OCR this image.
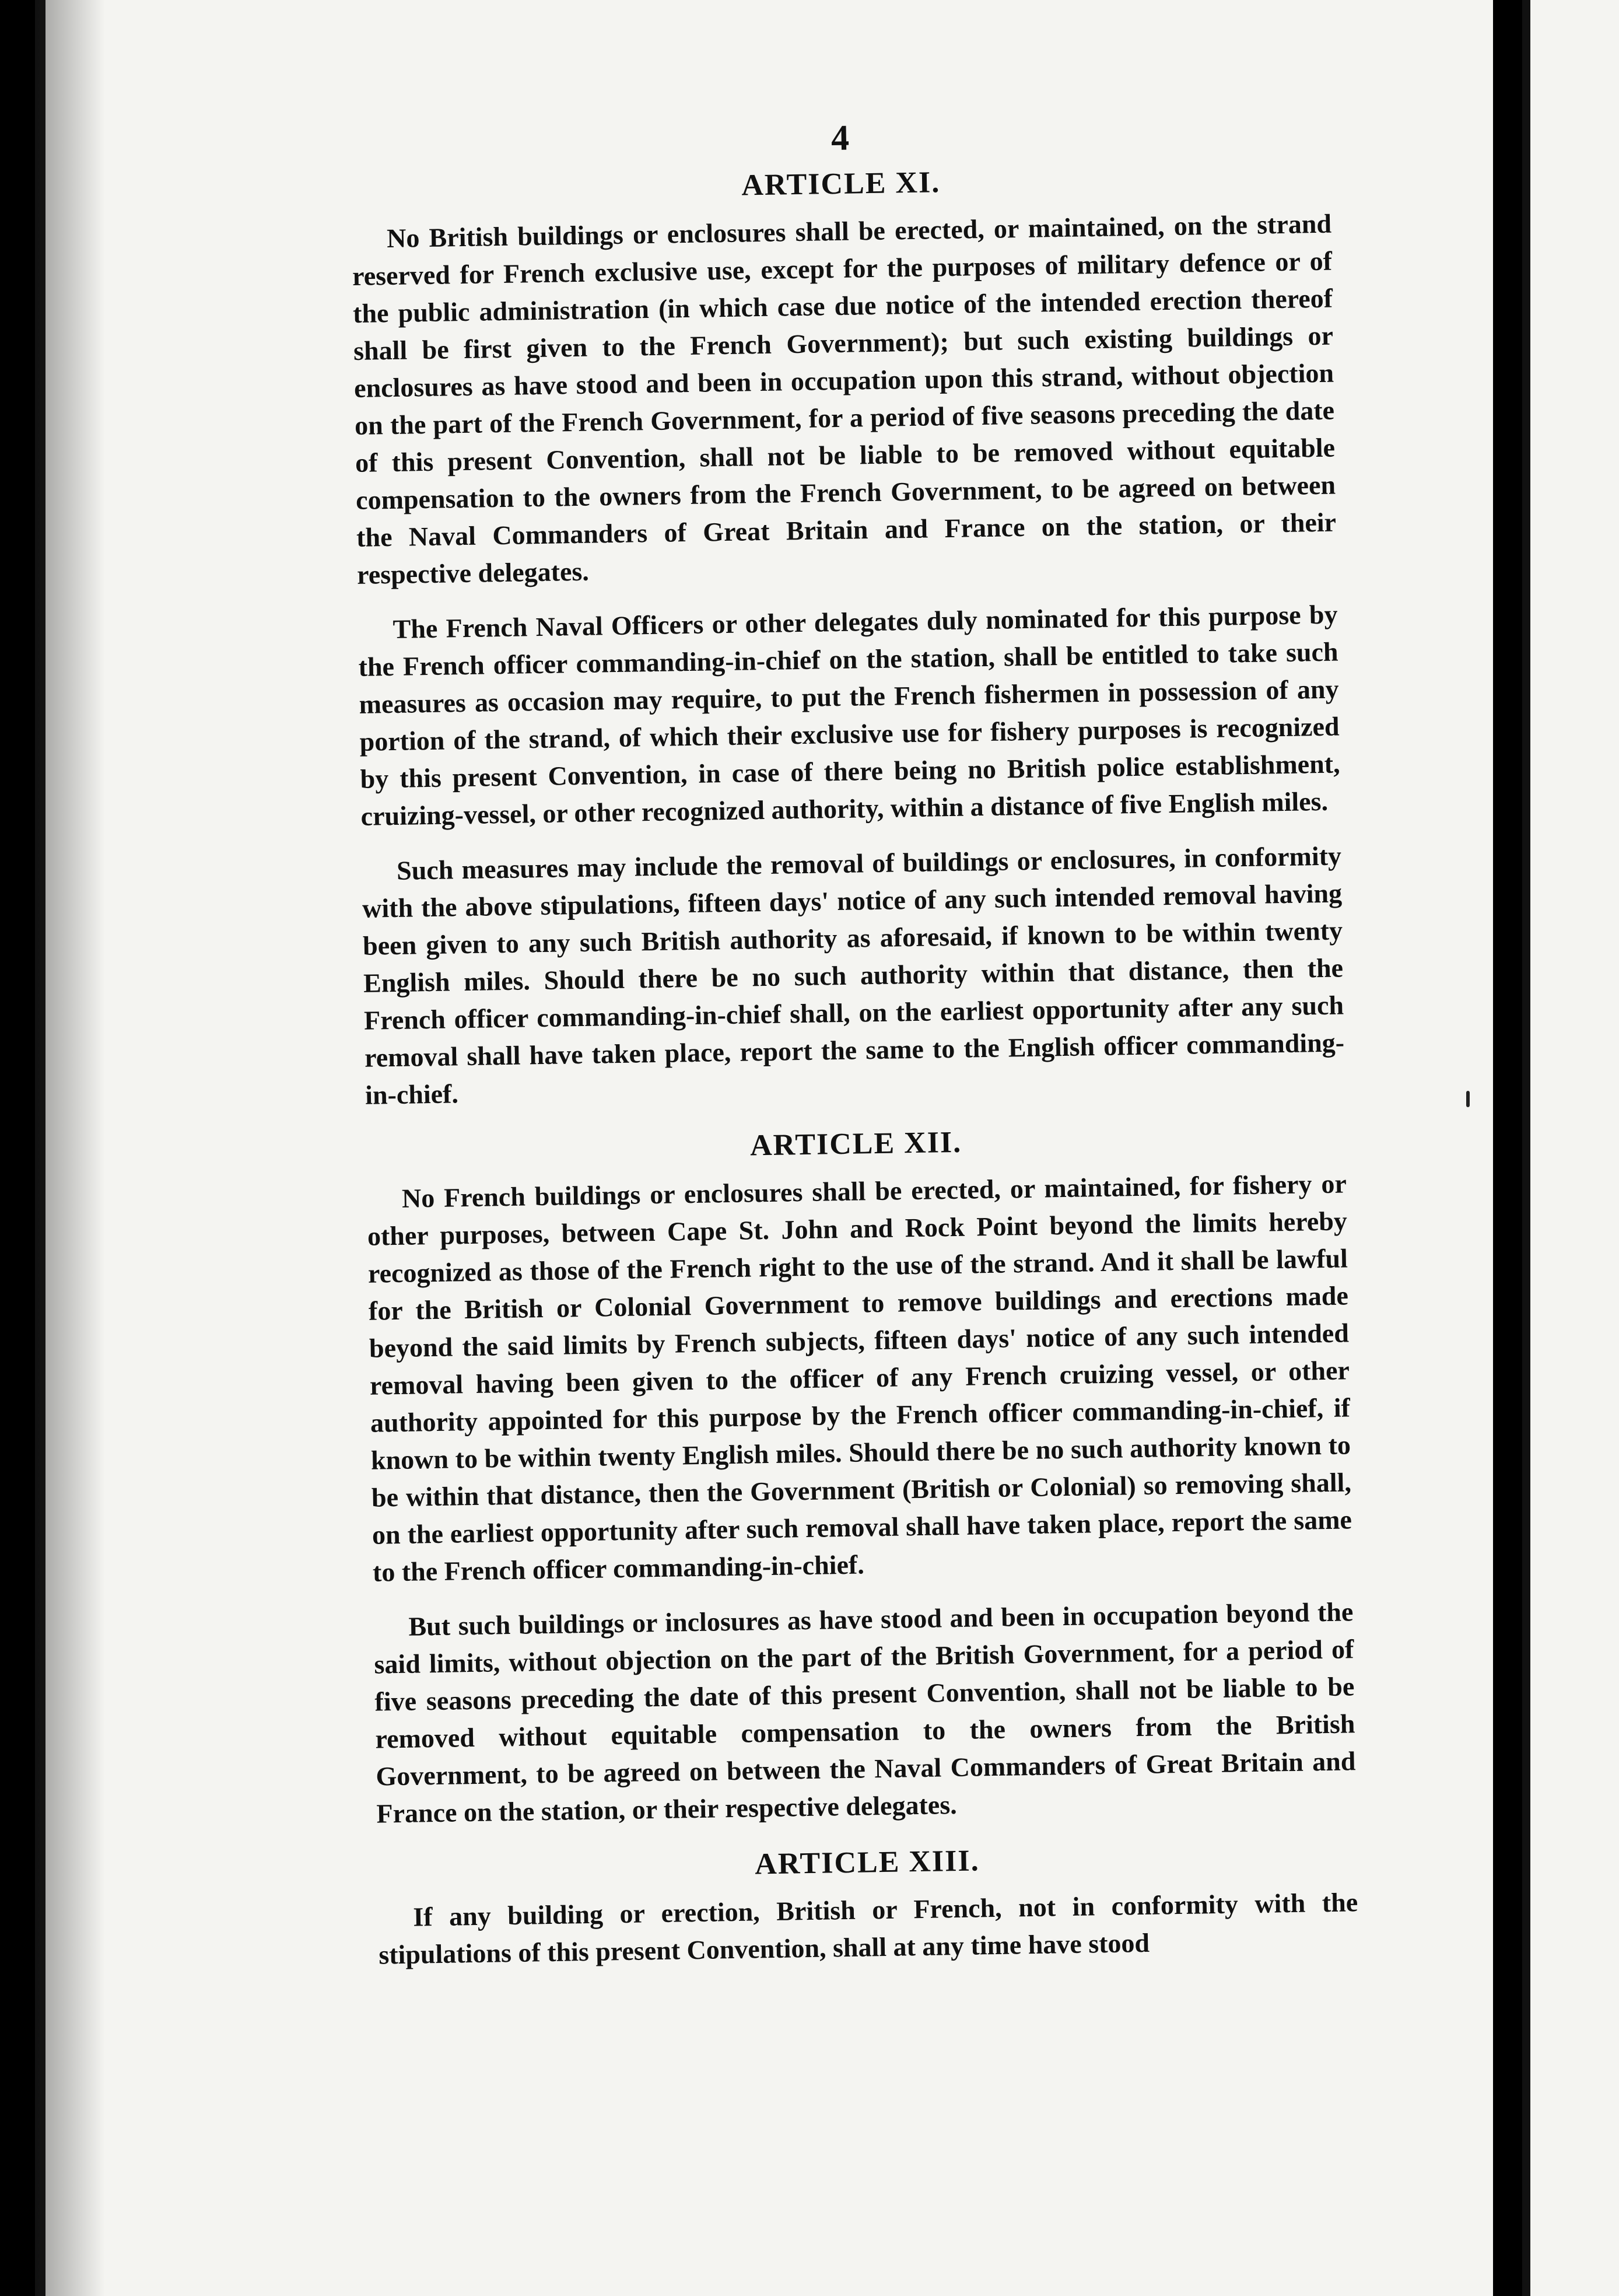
4
ARTICLE XI.

No British buildings or enclosures shall be erected, or maintained, on the strand reserved for French exclusive use, except for the purposes of military defence or of the public administration (in which case due notice of the intended erection thereof shall be first given to the French Government); but such existing buildings or enclosures as have stood and been in occupation upon this strand, without objection on the part of the French Government, for a period of five seasons preceding the date of this present Convention, shall not be liable to be removed without equitable compensation to the owners from the French Government, to be agreed on between the Naval Commanders of Great Britain and France on the station, or their respective delegates.

The French Naval Officers or other delegates duly nominated for this purpose by the French officer commanding-in-chief on the station, shall be entitled to take such measures as occasion may require, to put the French fishermen in possession of any portion of the strand, of which their exclusive use for fishery purposes is recognized by this present Convention, in case of there being no British police establishment, cruizing-vessel, or other recognized authority, within a distance of five English miles.

Such measures may include the removal of buildings or enclosures, in conformity with the above stipulations, fifteen days' notice of any such intended removal having been given to any such British authority as aforesaid, if known to be within twenty English miles. Should there be no such authority within that distance, then the French officer commanding-in-chief shall, on the earliest opportunity after any such removal shall have taken place, report the same to the English officer commanding-in-chief.

ARTICLE XII.

No French buildings or enclosures shall be erected, or maintained, for fishery or other purposes, between Cape St. John and Rock Point beyond the limits hereby recognized as those of the French right to the use of the strand. And it shall be lawful for the British or Colonial Government to remove buildings and erections made beyond the said limits by French subjects, fifteen days' notice of any such intended removal having been given to the officer of any French cruizing vessel, or other authority appointed for this purpose by the French officer commanding-in-chief, if known to be within twenty English miles. Should there be no such authority known to be within that distance, then the Government (British or Colonial) so removing shall, on the earliest opportunity after such removal shall have taken place, report the same to the French officer commanding-in-chief.

But such buildings or inclosures as have stood and been in occupation beyond the said limits, without objection on the part of the British Government, for a period of five seasons preceding the date of this present Convention, shall not be liable to be removed without equitable compensation to the owners from the British Government, to be agreed on between the Naval Commanders of Great Britain and France on the station, or their respective delegates.

ARTICLE XIII.

If any building or erection, British or French, not in conformity with the stipulations of this present Convention, shall at any time have stood
